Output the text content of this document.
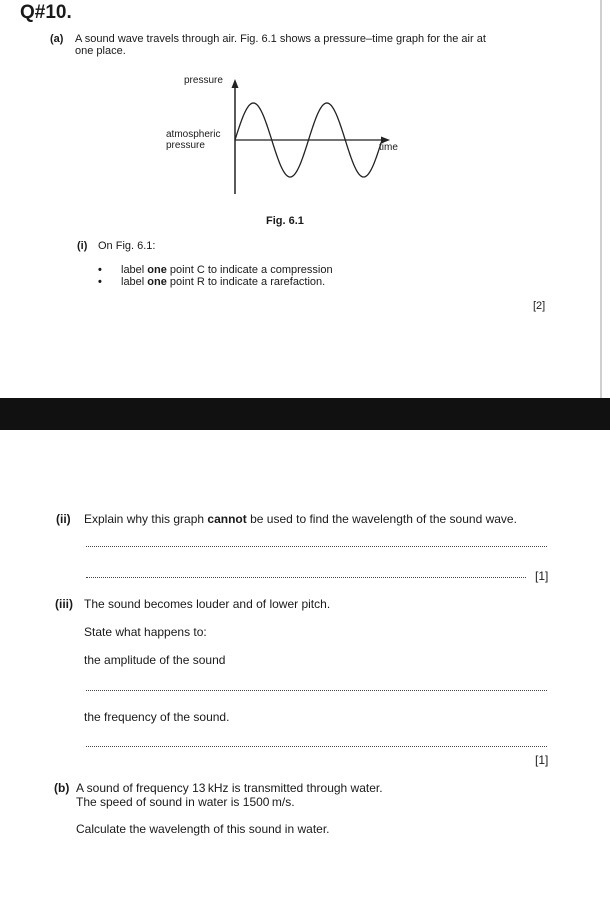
Q#10.
(a) A sound wave travels through air. Fig. 6.1 shows a pressure–time graph for the air at
one place.
pressure
atmospheric
pressure	time
Fig. 6.1
(i) On Fig. 6.1:
• label one point C to indicate a compression
• label one point R to indicate a rarefaction.
[2]
(ii) Explain why this graph cannot be used to find the wavelength of the sound wave.
[1]
(iii) The sound becomes louder and of lower pitch.
State what happens to:
the amplitude of the sound
the frequency of the sound.
[1]
(b) A sound of frequency 13 kHz is transmitted through water.
The speed of sound in water is 1500 m/s.
Calculate the wavelength of this sound in water.
